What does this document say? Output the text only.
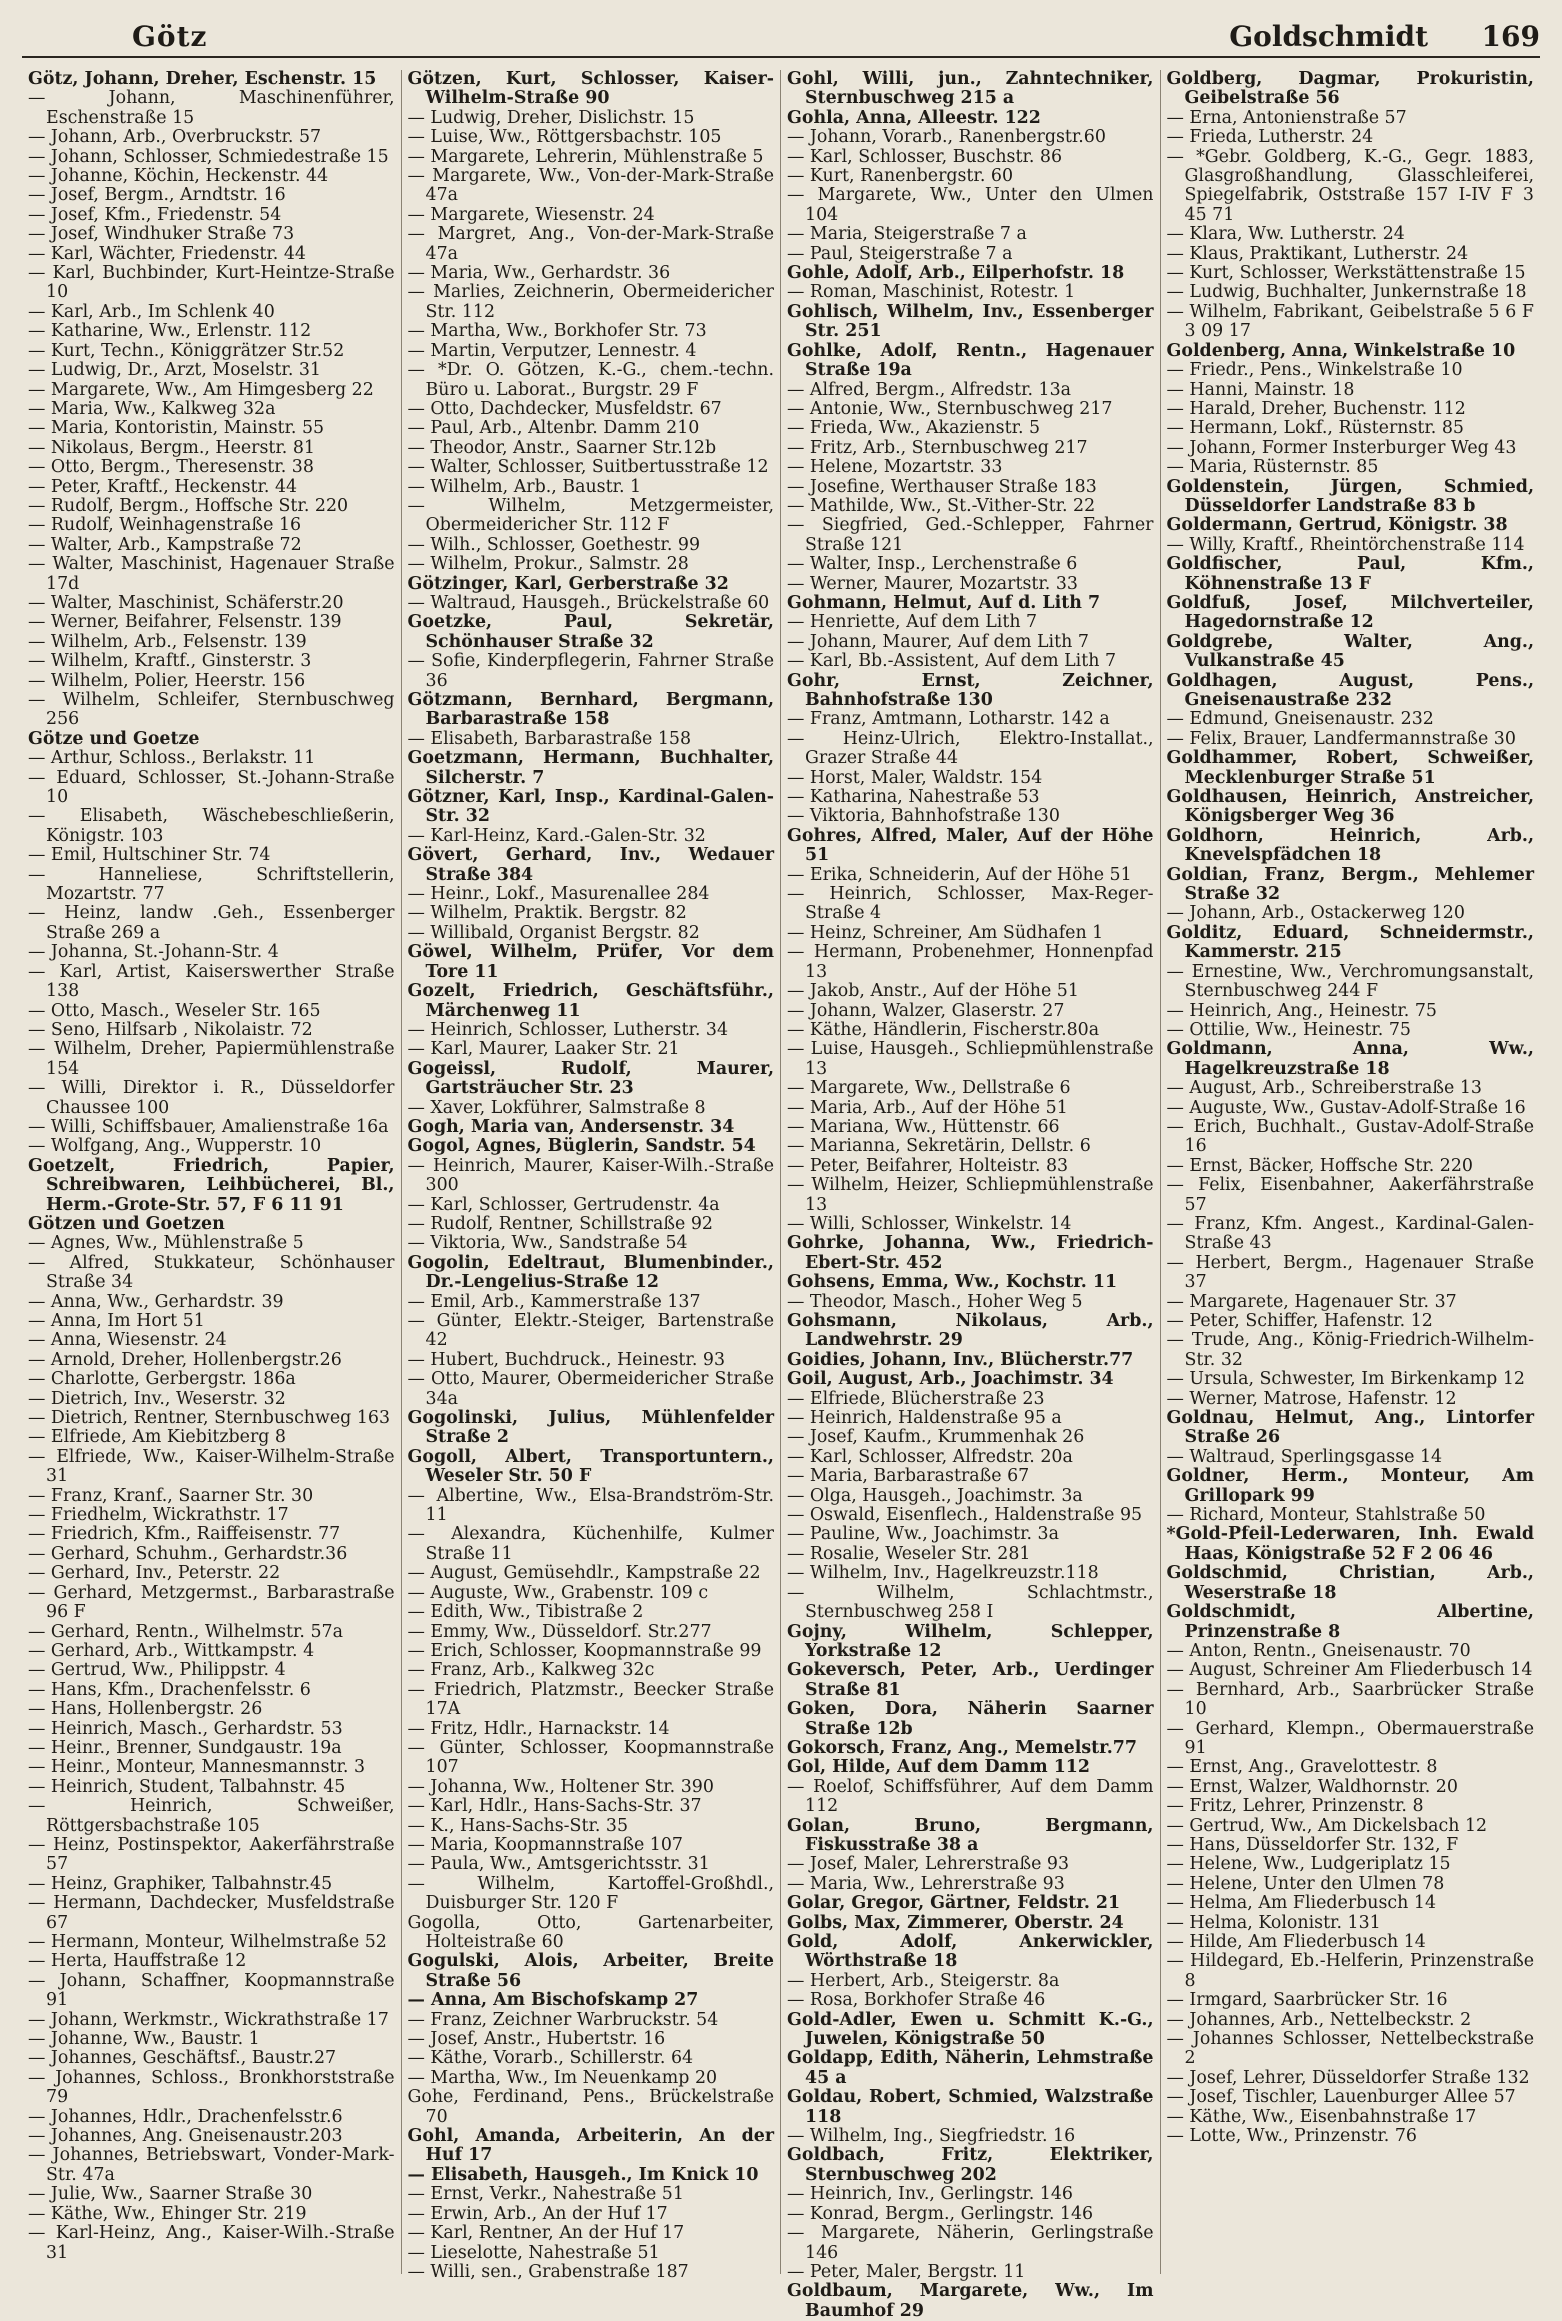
Götz	Goldschmidt 169

Götz, Johann, Dreher, Eschenstr. 15

— Johann, Maschinenführer, Eschenstraße 15

— Johann, Arb., Overbruckstr. 57

— Johann, Schlosser, Schmiedestraße 15

— Johanne, Köchin, Heckenstr. 44

— Josef, Bergm., Arndtstr. 16

— Josef, Kfm., Friedenstr. 54

— Josef, Windhuker Straße 73

— Karl, Wächter, Friedenstr. 44

— Karl, Buchbinder, Kurt-Heintze-Straße 10

— Karl, Arb., Im Schlenk 40

— Katharine, Ww., Erlenstr. 112

— Kurt, Techn., Königgrätzer Str.52

— Ludwig, Dr., Arzt, Moselstr. 31

— Margarete, Ww., Am Himgesberg 22

— Maria, Ww., Kalkweg 32a

— Maria, Kontoristin, Mainstr. 55

— Nikolaus, Bergm., Heerstr. 81

— Otto, Bergm., Theresenstr. 38

— Peter, Kraftf., Heckenstr. 44

— Rudolf, Bergm., Hoffsche Str. 220

— Rudolf, Weinhagenstraße 16

— Walter, Arb., Kampstraße 72

— Walter, Maschinist, Hagenauer Straße 17d

— Walter, Maschinist, Schäferstr.20

— Werner, Beifahrer, Felsenstr. 139

— Wilhelm, Arb., Felsenstr. 139

— Wilhelm, Kraftf., Ginsterstr. 3

— Wilhelm, Polier, Heerstr. 156

— Wilhelm, Schleifer, Sternbuschweg 256

Götze und Goetze

— Arthur, Schloss., Berlakstr. 11

— Eduard, Schlosser, St.-Johann-Straße 10

— Elisabeth, Wäschebeschließerin, Königstr. 103

— Emil, Hultschiner Str. 74

— Hanneliese, Schriftstellerin, Mozartstr. 77

— Heinz, landw .Geh., Essenberger Straße 269 a

— Johanna, St.-Johann-Str. 4

— Karl, Artist, Kaiserswerther Straße 138

— Otto, Masch., Weseler Str. 165

— Seno, Hilfsarb , Nikolaistr. 72

— Wilhelm, Dreher, Papiermühlenstraße 154

— Willi, Direktor i. R., Düsseldorfer Chaussee 100

— Willi, Schiffsbauer, Amalienstraße 16a

— Wolfgang, Ang., Wupperstr. 10

Goetzelt, Friedrich, Papier, Schreibwaren, Leihbücherei, Bl., Herm.-Grote-Str. 57, F 6 11 91

Götzen und Goetzen

— Agnes, Ww., Mühlenstraße 5

— Alfred, Stukkateur, Schönhauser Straße 34

— Anna, Ww., Gerhardstr. 39

— Anna, Im Hort 51

— Anna, Wiesenstr. 24

— Arnold, Dreher, Hollenbergstr.26

— Charlotte, Gerbergstr. 186a

— Dietrich, Inv., Weserstr. 32

— Dietrich, Rentner, Sternbuschweg 163

— Elfriede, Am Kiebitzberg 8

— Elfriede, Ww., Kaiser-Wilhelm-Straße 31

— Franz, Kranf., Saarner Str. 30

— Friedhelm, Wickrathstr. 17

— Friedrich, Kfm., Raiffeisenstr. 77

— Gerhard, Schuhm., Gerhardstr.36

— Gerhard, Inv., Peterstr. 22

— Gerhard, Metzgermst., Barbarastraße 96 F

— Gerhard, Rentn., Wilhelmstr. 57a

— Gerhard, Arb., Wittkampstr. 4

— Gertrud, Ww., Philippstr. 4

— Hans, Kfm., Drachenfelsstr. 6

— Hans, Hollenbergstr. 26

— Heinrich, Masch., Gerhardstr. 53

— Heinr., Brenner, Sundgaustr. 19a

— Heinr., Monteur, Mannesmannstr. 3

— Heinrich, Student, Talbahnstr. 45

— Heinrich, Schweißer, Röttgersbachstraße 105

— Heinz, Postinspektor, Aakerfährstraße 57

— Heinz, Graphiker, Talbahnstr.45

— Hermann, Dachdecker, Musfeldstraße 67

— Hermann, Monteur, Wilhelmstraße 52

— Herta, Hauffstraße 12

— Johann, Schaffner, Koopmannstraße 91

— Johann, Werkmstr., Wickrathstraße 17

— Johanne, Ww., Baustr. 1

— Johannes, Geschäftsf., Baustr.27

— Johannes, Schloss., Bronkhorststraße 79

— Johannes, Hdlr., Drachenfelsstr.6

— Johannes, Ang. Gneisenaustr.203

— Johannes, Betriebswart, Vonder-Mark-Str. 47a

— Julie, Ww., Saarner Straße 30

— Käthe, Ww., Ehinger Str. 219

— Karl-Heinz, Ang., Kaiser-Wilh.-Straße 31

Götzen, Kurt, Schlosser, Kaiser-Wilhelm-Straße 90

— Ludwig, Dreher, Dislichstr. 15

— Luise, Ww., Röttgersbachstr. 105

— Margarete, Lehrerin, Mühlenstraße 5

— Margarete, Ww., Von-der-Mark-Straße 47a

— Margarete, Wiesenstr. 24

— Margret, Ang., Von-der-Mark-Straße 47a

— Maria, Ww., Gerhardstr. 36

— Marlies, Zeichnerin, Obermeidericher Str. 112

— Martha, Ww., Borkhofer Str. 73

— Martin, Verputzer, Lennestr. 4

— *Dr. O. Götzen, K.-G., chem.-techn. Büro u. Laborat., Burgstr. 29 F

— Otto, Dachdecker, Musfeldstr. 67

— Paul, Arb., Altenbr. Damm 210

— Theodor, Anstr., Saarner Str.12b

— Walter, Schlosser, Suitbertusstraße 12

— Wilhelm, Arb., Baustr. 1

— Wilhelm, Metzgermeister, Obermeidericher Str. 112 F

— Wilh., Schlosser, Goethestr. 99

— Wilhelm, Prokur., Salmstr. 28

Götzinger, Karl, Gerberstraße 32

— Waltraud, Hausgeh., Brückelstraße 60

Goetzke, Paul, Sekretär, Schönhauser Straße 32

— Sofie, Kinderpflegerin, Fahrner Straße 36

Götzmann, Bernhard, Bergmann, Barbarastraße 158

— Elisabeth, Barbarastraße 158

Goetzmann, Hermann, Buchhalter, Silcherstr. 7

Götzner, Karl, Insp., Kardinal-Galen-Str. 32

— Karl-Heinz, Kard.-Galen-Str. 32

Gövert, Gerhard, Inv., Wedauer Straße 384

— Heinr., Lokf., Masurenallee 284

— Wilhelm, Praktik. Bergstr. 82

— Willibald, Organist Bergstr. 82

Göwel, Wilhelm, Prüfer, Vor dem Tore 11

Gozelt, Friedrich, Geschäftsführ., Märchenweg 11

— Heinrich, Schlosser, Lutherstr. 34

— Karl, Maurer, Laaker Str. 21

Gogeissl, Rudolf, Maurer, Gartsträucher Str. 23

— Xaver, Lokführer, Salmstraße 8

Gogh, Maria van, Andersenstr. 34

Gogol, Agnes, Büglerin, Sandstr. 54

— Heinrich, Maurer, Kaiser-Wilh.-Straße 300

— Karl, Schlosser, Gertrudenstr. 4a

— Rudolf, Rentner, Schillstraße 92

— Viktoria, Ww., Sandstraße 54

Gogolin, Edeltraut, Blumenbinder., Dr.-Lengelius-Straße 12

— Emil, Arb., Kammerstraße 137

— Günter, Elektr.-Steiger, Bartenstraße 42

— Hubert, Buchdruck., Heinestr. 93

— Otto, Maurer, Obermeidericher Straße 34a

Gogolinski, Julius, Mühlenfelder Straße 2

Gogoll, Albert, Transportuntern., Weseler Str. 50 F

— Albertine, Ww., Elsa-Brandström-Str. 11

— Alexandra, Küchenhilfe, Kulmer Straße 11

— August, Gemüsehdlr., Kampstraße 22

— Auguste, Ww., Grabenstr. 109 c

— Edith, Ww., Tibistraße 2

— Emmy, Ww., Düsseldorf. Str.277

— Erich, Schlosser, Koopmannstraße 99

— Franz, Arb., Kalkweg 32c

— Friedrich, Platzmstr., Beecker Straße 17A

— Fritz, Hdlr., Harnackstr. 14

— Günter, Schlosser, Koopmannstraße 107

— Johanna, Ww., Holtener Str. 390

— Karl, Hdlr., Hans-Sachs-Str. 37

— K., Hans-Sachs-Str. 35

— Maria, Koopmannstraße 107

— Paula, Ww., Amtsgerichtsstr. 31

— Wilhelm, Kartoffel-Großhdl., Duisburger Str. 120 F

Gogolla, Otto, Gartenarbeiter, Holteistraße 60

Gogulski, Alois, Arbeiter, Breite Straße 56

— Anna, Am Bischofskamp 27

— Franz, Zeichner Warbruckstr. 54

— Josef, Anstr., Hubertstr. 16

— Käthe, Vorarb., Schillerstr. 64

— Martha, Ww., Im Neuenkamp 20

Gohe, Ferdinand, Pens., Brückelstraße 70

Gohl, Amanda, Arbeiterin, An der Huf 17

— Elisabeth, Hausgeh., Im Knick 10

— Ernst, Verkr., Nahestraße 51

— Erwin, Arb., An der Huf 17

— Karl, Rentner, An der Huf 17

— Lieselotte, Nahestraße 51

— Willi, sen., Grabenstraße 187

Gohl, Willi, jun., Zahntechniker, Sternbuschweg 215 a

Gohla, Anna, Alleestr. 122

— Johann, Vorarb., Ranenbergstr.60

— Karl, Schlosser, Buschstr. 86

— Kurt, Ranenbergstr. 60

— Margarete, Ww., Unter den Ulmen 104

— Maria, Steigerstraße 7 a

— Paul, Steigerstraße 7 a

Gohle, Adolf, Arb., Eilperhofstr. 18

— Roman, Maschinist, Rotestr. 1

Gohlisch, Wilhelm, Inv., Essenberger Str. 251

Gohlke, Adolf, Rentn., Hagenauer Straße 19a

— Alfred, Bergm., Alfredstr. 13a

— Antonie, Ww., Sternbuschweg 217

— Frieda, Ww., Akazienstr. 5

— Fritz, Arb., Sternbuschweg 217

— Helene, Mozartstr. 33

— Josefine, Werthauser Straße 183

— Mathilde, Ww., St.-Vither-Str. 22

— Siegfried, Ged.-Schlepper, Fahrner Straße 121

— Walter, Insp., Lerchenstraße 6

— Werner, Maurer, Mozartstr. 33

Gohmann, Helmut, Auf d. Lith 7

— Henriette, Auf dem Lith 7

— Johann, Maurer, Auf dem Lith 7

— Karl, Bb.-Assistent, Auf dem Lith 7

Gohr, Ernst, Zeichner, Bahnhofstraße 130

— Franz, Amtmann, Lotharstr. 142 a

— Heinz-Ulrich, Elektro-Installat., Grazer Straße 44

— Horst, Maler, Waldstr. 154

— Katharina, Nahestraße 53

— Viktoria, Bahnhofstraße 130

Gohres, Alfred, Maler, Auf der Höhe 51

— Erika, Schneiderin, Auf der Höhe 51

— Heinrich, Schlosser, Max-Reger-Straße 4

— Heinz, Schreiner, Am Südhafen 1

— Hermann, Probenehmer, Honnenpfad 13

— Jakob, Anstr., Auf der Höhe 51

— Johann, Walzer, Glaserstr. 27

— Käthe, Händlerin, Fischerstr.80a

— Luise, Hausgeh., Schliepmühlenstraße 13

— Margarete, Ww., Dellstraße 6

— Maria, Arb., Auf der Höhe 51

— Mariana, Ww., Hüttenstr. 66

— Marianna, Sekretärin, Dellstr. 6

— Peter, Beifahrer, Holteistr. 83

— Wilhelm, Heizer, Schliepmühlenstraße 13

— Willi, Schlosser, Winkelstr. 14

Gohrke, Johanna, Ww., Friedrich-Ebert-Str. 452

Gohsens, Emma, Ww., Kochstr. 11

— Theodor, Masch., Hoher Weg 5

Gohsmann, Nikolaus, Arb., Landwehrstr. 29

Goidies, Johann, Inv., Blücherstr.77

Goil, August, Arb., Joachimstr. 34

— Elfriede, Blücherstraße 23

— Heinrich, Haldenstraße 95 a

— Josef, Kaufm., Krummenhak 26

— Karl, Schlosser, Alfredstr. 20a

— Maria, Barbarastraße 67

— Olga, Hausgeh., Joachimstr. 3a

— Oswald, Eisenflech., Haldenstraße 95

— Pauline, Ww., Joachimstr. 3a

— Rosalie, Weseler Str. 281

— Wilhelm, Inv., Hagelkreuzstr.118

— Wilhelm, Schlachtmstr., Sternbuschweg 258 I

Gojny, Wilhelm, Schlepper, Yorkstraße 12

Gokeversch, Peter, Arb., Uerdinger Straße 81

Goken, Dora, Näherin Saarner Straße 12b

Gokorsch, Franz, Ang., Memelstr.77

Gol, Hilde, Auf dem Damm 112

— Roelof, Schiffsführer, Auf dem Damm 112

Golan, Bruno, Bergmann, Fiskusstraße 38 a

— Josef, Maler, Lehrerstraße 93

— Maria, Ww., Lehrerstraße 93

Golar, Gregor, Gärtner, Feldstr. 21

Golbs, Max, Zimmerer, Oberstr. 24

Gold, Adolf, Ankerwickler, Wörthstraße 18

— Herbert, Arb., Steigerstr. 8a

— Rosa, Borkhofer Straße 46

Gold-Adler, Ewen u. Schmitt K.-G., Juwelen, Königstraße 50

Goldapp, Edith, Näherin, Lehmstraße 45 a

Goldau, Robert, Schmied, Walzstraße 118

— Wilhelm, Ing., Siegfriedstr. 16

Goldbach, Fritz, Elektriker, Sternbuschweg 202

— Heinrich, Inv., Gerlingstr. 146

— Konrad, Bergm., Gerlingstr. 146

— Margarete, Näherin, Gerlingstraße 146

— Peter, Maler, Bergstr. 11

Goldbaum, Margarete, Ww., Im Baumhof 29

Goldberg, Dagmar, Prokuristin, Geibelstraße 56

— Erna, Antonienstraße 57

— Frieda, Lutherstr. 24

— *Gebr. Goldberg, K.-G., Gegr. 1883, Glasgroßhandlung, Glasschleiferei, Spiegelfabrik, Oststraße 157 I-IV F 3 45 71

— Klara, Ww. Lutherstr. 24

— Klaus, Praktikant, Lutherstr. 24

— Kurt, Schlosser, Werkstättenstraße 15

— Ludwig, Buchhalter, Junkernstraße 18

— Wilhelm, Fabrikant, Geibelstraße 5 6 F 3 09 17

Goldenberg, Anna, Winkelstraße 10

— Friedr., Pens., Winkelstraße 10

— Hanni, Mainstr. 18

— Harald, Dreher, Buchenstr. 112

— Hermann, Lokf., Rüsternstr. 85

— Johann, Former Insterburger Weg 43

— Maria, Rüsternstr. 85

Goldenstein, Jürgen, Schmied, Düsseldorfer Landstraße 83 b

Goldermann, Gertrud, Königstr. 38

— Willy, Kraftf., Rheintörchenstraße 114

Goldfischer, Paul, Kfm., Köhnenstraße 13 F

Goldfuß, Josef, Milchverteiler, Hagedornstraße 12

Goldgrebe, Walter, Ang., Vulkanstraße 45

Goldhagen, August, Pens., Gneisenaustraße 232

— Edmund, Gneisenaustr. 232

— Felix, Brauer, Landfermannstraße 30

Goldhammer, Robert, Schweißer, Mecklenburger Straße 51

Goldhausen, Heinrich, Anstreicher, Königsberger Weg 36

Goldhorn, Heinrich, Arb., Knevelspfädchen 18

Goldian, Franz, Bergm., Mehlemer Straße 32

— Johann, Arb., Ostackerweg 120

Golditz, Eduard, Schneidermstr., Kammerstr. 215

— Ernestine, Ww., Verchromungsanstalt, Sternbuschweg 244 F

— Heinrich, Ang., Heinestr. 75

— Ottilie, Ww., Heinestr. 75

Goldmann, Anna, Ww., Hagelkreuzstraße 18

— August, Arb., Schreiberstraße 13

— Auguste, Ww., Gustav-Adolf-Straße 16

— Erich, Buchhalt., Gustav-Adolf-Straße 16

— Ernst, Bäcker, Hoffsche Str. 220

— Felix, Eisenbahner, Aakerfährstraße 57

— Franz, Kfm. Angest., Kardinal-Galen-Straße 43

— Herbert, Bergm., Hagenauer Straße 37

— Margarete, Hagenauer Str. 37

— Peter, Schiffer, Hafenstr. 12

— Trude, Ang., König-Friedrich-Wilhelm-Str. 32

— Ursula, Schwester, Im Birkenkamp 12

— Werner, Matrose, Hafenstr. 12

Goldnau, Helmut, Ang., Lintorfer Straße 26

— Waltraud, Sperlingsgasse 14

Goldner, Herm., Monteur, Am Grillopark 99

— Richard, Monteur, Stahlstraße 50

*Gold-Pfeil-Lederwaren, Inh. Ewald Haas, Königstraße 52 F 2 06 46

Goldschmid, Christian, Arb., Weserstraße 18

Goldschmidt, Albertine, Prinzenstraße 8

— Anton, Rentn., Gneisenaustr. 70

— August, Schreiner Am Fliederbusch 14

— Bernhard, Arb., Saarbrücker Straße 10

— Gerhard, Klempn., Obermauerstraße 91

— Ernst, Ang., Gravelottestr. 8

— Ernst, Walzer, Waldhornstr. 20

— Fritz, Lehrer, Prinzenstr. 8

— Gertrud, Ww., Am Dickelsbach 12

— Hans, Düsseldorfer Str. 132, F

— Helene, Ww., Ludgeriplatz 15

— Helene, Unter den Ulmen 78

— Helma, Am Fliederbusch 14

— Helma, Kolonistr. 131

— Hilde, Am Fliederbusch 14

— Hildegard, Eb.-Helferin, Prinzenstraße 8

— Irmgard, Saarbrücker Str. 16

— Johannes, Arb., Nettelbeckstr. 2

— Johannes Schlosser, Nettelbeckstraße 2

— Josef, Lehrer, Düsseldorfer Straße 132

— Josef, Tischler, Lauenburger Allee 57

— Käthe, Ww., Eisenbahnstraße 17

— Lotte, Ww., Prinzenstr. 76
